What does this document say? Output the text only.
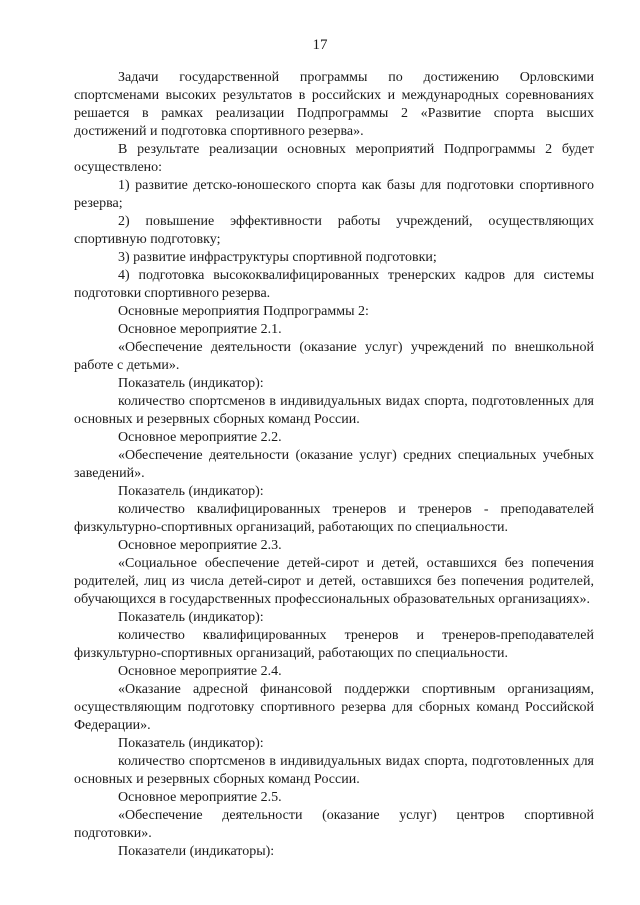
17

Задачи государственной программы по достижению Орловскими спортсменами высоких результатов в российских и международных соревнованиях решается в рамках реализации Подпрограммы 2 «Развитие спорта высших достижений и подготовка спортивного резерва».

В результате реализации основных мероприятий Подпрограммы 2 будет осуществлено:

1) развитие детско-юношеского спорта как базы для подготовки спортивного резерва;

2) повышение эффективности работы учреждений, осуществляющих спортивную подготовку;

3) развитие инфраструктуры спортивной подготовки;

4) подготовка высококвалифицированных тренерских кадров для системы подготовки спортивного резерва.

Основные мероприятия Подпрограммы 2:

Основное мероприятие 2.1.

«Обеспечение деятельности (оказание услуг) учреждений по внешкольной работе с детьми».

Показатель (индикатор):

количество спортсменов в индивидуальных видах спорта, подготовленных для основных и резервных сборных команд России.

Основное мероприятие 2.2.

«Обеспечение деятельности (оказание услуг) средних специальных учебных заведений».

Показатель (индикатор):

количество квалифицированных тренеров и тренеров - преподавателей физкультурно-спортивных организаций, работающих по специальности.

Основное мероприятие 2.3.

«Социальное обеспечение детей-сирот и детей, оставшихся без попечения родителей, лиц из числа детей-сирот и детей, оставшихся без попечения родителей, обучающихся в государственных профессиональных образовательных организациях».

Показатель (индикатор):

количество квалифицированных тренеров и тренеров-преподавателей физкультурно-спортивных организаций, работающих по специальности.

Основное мероприятие 2.4.

«Оказание адресной финансовой поддержки спортивным организациям, осуществляющим подготовку спортивного резерва для сборных команд Российской Федерации».

Показатель (индикатор):

количество спортсменов в индивидуальных видах спорта, подготовленных для основных и резервных сборных команд России.

Основное мероприятие 2.5.

«Обеспечение деятельности (оказание услуг) центров спортивной подготовки».

Показатели (индикаторы):
